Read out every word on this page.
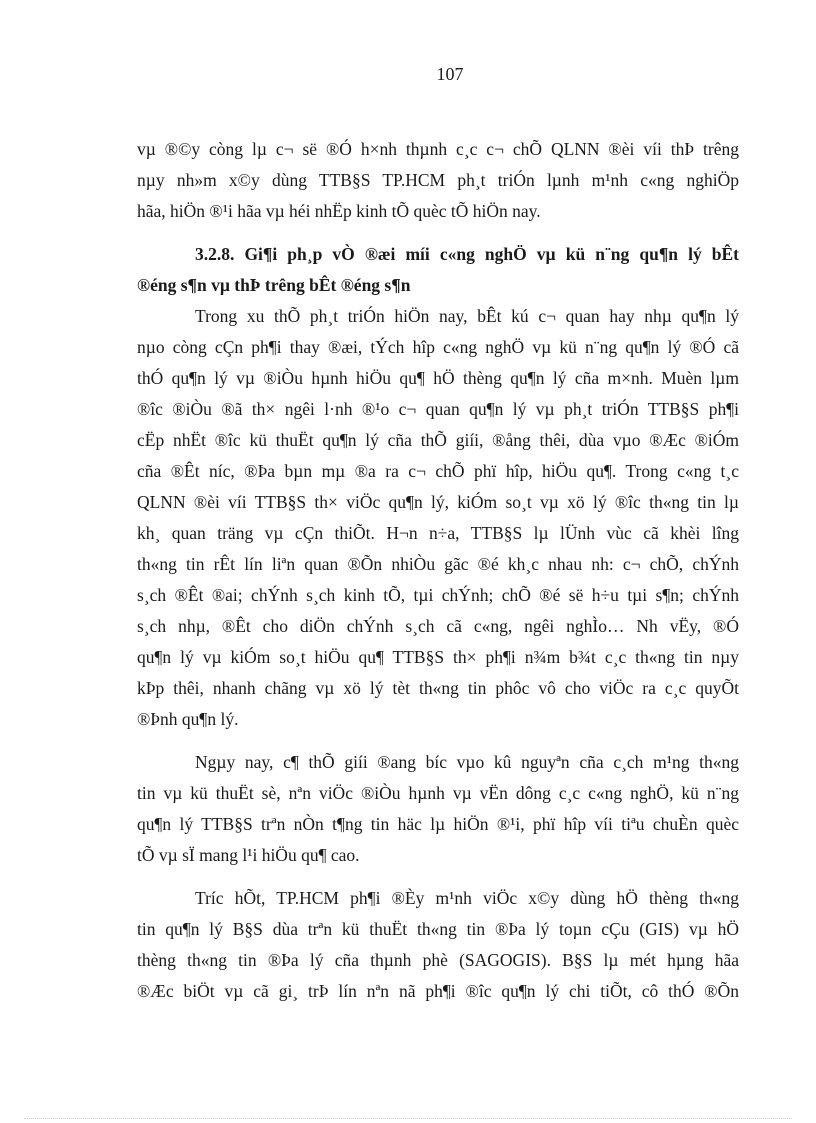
107

vµ ®©y còng lµ c¬ së ®Ó h×nh thµnh c¸c c¬ chÕ QLNN ®èi víi thÞ trêng

nµy nh»m x©y dùng TTB§S TP.HCM ph¸t triÓn lµnh m¹nh c«ng nghiÖp

hãa, hiÖn ®¹i hãa vµ héi nhËp kinh tÕ quèc tÕ hiÖn nay.

3.2.8. Gi¶i ph¸p vÒ ®æi míi c«ng nghÖ vµ kü n¨ng qu¶n lý bÊt

®éng s¶n vµ thÞ trêng bÊt ®éng s¶n

Trong xu thÕ ph¸t triÓn hiÖn nay, bÊt kú c¬ quan hay nhµ qu¶n lý

nµo còng cÇn ph¶i thay ®æi, tÝch hîp c«ng nghÖ vµ kü n¨ng qu¶n lý ®Ó cã

thÓ qu¶n lý vµ ®iÒu hµnh hiÖu qu¶ hÖ thèng qu¶n lý cña m×nh. Muèn lµm

®îc ®iÒu ®ã th× ngêi l·nh ®¹o c¬ quan qu¶n lý vµ ph¸t triÓn TTB§S ph¶i

cËp nhËt ®îc kü thuËt qu¶n lý cña thÕ giíi, ®ång thêi, dùa vµo ®Æc ®iÓm

cña ®Êt níc, ®Þa bµn mµ ®a ra c¬ chÕ phï hîp, hiÖu qu¶. Trong c«ng t¸c

QLNN ®èi víi TTB§S th× viÖc qu¶n lý, kiÓm so¸t vµ xö lý ®îc th«ng tin lµ

kh¸ quan träng vµ cÇn thiÕt. H¬n n÷a, TTB§S lµ lÜnh vùc cã khèi lîng

th«ng tin rÊt lín liªn quan ®Õn nhiÒu gãc ®é kh¸c nhau nh: c¬ chÕ, chÝnh

s¸ch ®Êt ®ai; chÝnh s¸ch kinh tÕ, tµi chÝnh; chÕ ®é së h÷u tµi s¶n; chÝnh

s¸ch nhµ, ®Êt cho diÖn chÝnh s¸ch cã c«ng, ngêi nghÌo… Nh vËy, ®Ó

qu¶n lý vµ kiÓm so¸t hiÖu qu¶ TTB§S th× ph¶i n¾m b¾t c¸c th«ng tin nµy

kÞp thêi, nhanh chãng vµ xö lý tèt th«ng tin phôc vô cho viÖc ra c¸c quyÕt

®Þnh qu¶n lý.

Ngµy nay, c¶ thÕ giíi ®ang bíc vµo kû nguyªn cña c¸ch m¹ng th«ng

tin vµ kü thuËt sè, nªn viÖc ®iÒu hµnh vµ vËn dông c¸c c«ng nghÖ, kü n¨ng

qu¶n lý TTB§S trªn nÒn t¶ng tin häc lµ hiÖn ®¹i, phï hîp víi tiªu chuÈn quèc

tÕ vµ sÏ mang l¹i hiÖu qu¶ cao.

Tríc hÕt, TP.HCM ph¶i ®Èy m¹nh viÖc x©y dùng hÖ thèng th«ng

tin qu¶n lý B§S dùa trªn kü thuËt th«ng tin ®Þa lý toµn cÇu (GIS) vµ hÖ

thèng th«ng tin ®Þa lý cña thµnh phè (SAGOGIS). B§S lµ mét hµng hãa

®Æc biÖt vµ cã gi¸ trÞ lín nªn nã ph¶i ®îc qu¶n lý chi tiÕt, cô thÓ ®Õn
